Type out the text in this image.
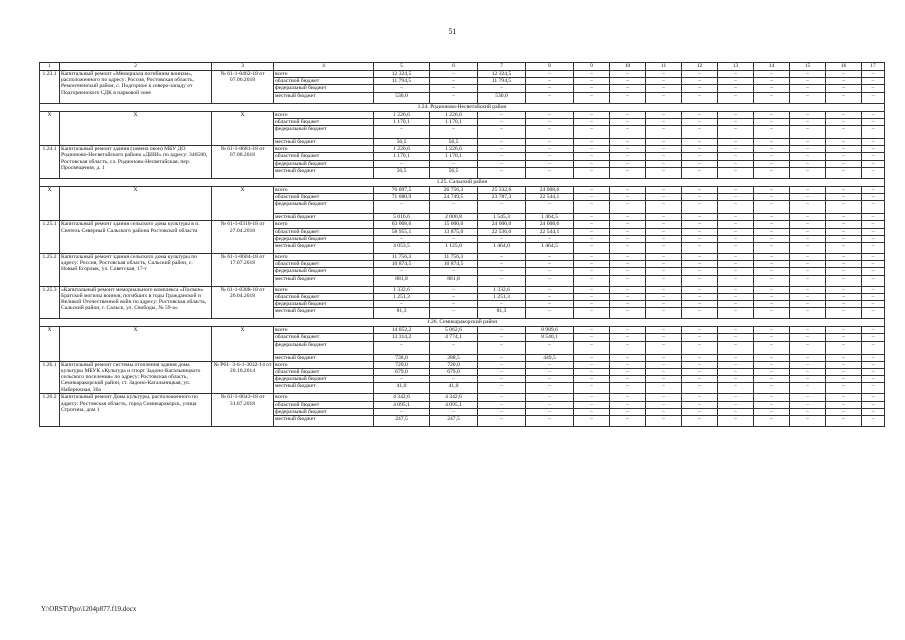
51
1	2	3	4	5	6	7	8	9	10	11	12	13	14	15	16	17
1.23.1	Капитальный ремонт «Мемориала погибшим воинам», расположенного по адресу: Россия, Ростовская область, Ремонтненский район, с. Подгорное к северо-западу от Подгорненского СДК в парковой зоне	№ 61-1-0462-18 от 07.06.2018	всего	12 324,5	–	12 324,5	–	–	–	–	–	–	–	–	–	–
			областной бюджет	11 794,5	–	11 794,5	–	–	–	–	–	–	–	–	–	–
			федеральный бюджет	–	–	–	–	–	–	–	–	–	–	–	–	–
			местный бюджет	530,0	–	530,0	–	–	–	–	–	–	–	–	–	–
1.24. Родионово-Несветайский район																
X	X	X	всего	1 226,6	1 226,6	–	–	–	–	–	–	–	–	–	–	–
			областной бюджет	1 170,1	1 170,1	–	–	–	–	–	–	–	–	–	–	–
			федеральный бюджет	–	–	–	–	–	–	–	–	–	–	–	–	–
			местный бюджет	56,5	56,5	–	–	–	–	–	–	–	–	–	–	–
1.24.1	Капитальный ремонт здания (замена окон) МБУ ДО Родионово-Несветайского района «ДШИ» по адресу: 346580, Ростовская область, сл. Родионово-Несветайская, пер. Просвещения, д. 1	№ 61-1-0681-18 от 07.08.2018	всего	1 226,6	1 226,6	–	–	–	–	–	–	–	–	–	–	–
			областной бюджет	1 170,1	1 170,1	–	–	–	–	–	–	–	–	–	–	–
			федеральный бюджет	–	–	–	–	–	–	–	–	–	–	–	–	–
			местный бюджет	56,5	56,5	–	–	–	–	–	–	–	–	–	–	–
1.25. Сальский район																
X	X	X	всего	76 097,5	26 756,3	25 332,6	24 008,6	–	–	–	–	–	–	–	–	–
			областной бюджет	71 080,9	24 749,5	23 787,3	22 544,1	–	–	–	–	–	–	–	–	–
			федеральный бюджет	–	–	–	–	–	–	–	–	–	–	–	–	–
			местный бюджет	5 016,6	2 006,8	1 545,3	1 464,5	–	–	–	–	–	–	–	–	–
1.25.1	Капитальный ремонт здания сельского дома культуры в п. Сеятель Северный Сальского района Ростовской области	№ 61-1-0310-18 от 27.04.2018	всего	63 008,6	15 000,0	24 000,0	24 008,6	–	–	–	–	–	–	–	–	–
			областной бюджет	58 955,1	13 875,0	22 536,0	22 544,1	–	–	–	–	–	–	–	–	–
			федеральный бюджет	–	–	–	–	–	–	–	–	–	–	–	–	–
			местный бюджет	4 053,5	1 125,0	1 464,0	1 464,5	–	–	–	–	–	–	–	–	–
1.25.2	Капитальный ремонт здания сельского дома культуры по адресу: Россия, Ростовская область, Сальский район, с. Новый Егорлык, ул. Советская, 17-г	№ 61-1-0604-18 от 17.07.2018	всего	11 756,3	11 756,3	–	–	–	–	–	–	–	–	–	–	–
			областной бюджет	10 874,5	10 874,5	–	–	–	–	–	–	–	–	–	–	–
			федеральный бюджет	–	–	–	–	–	–	–	–	–	–	–	–	–
			местный бюджет	881,8	881,8	–	–	–	–	–	–	–	–	–	–	–
1.25.3	«Капитальный ремонт мемориального комплекса «Посвон» Братской могилы воинов, погибших в годы Гражданской и Великой Отечественной войн по адресу: Ростовская область, Сальский район, г. Сальск, ул. Свободы, № 59-а»	№ 61-1-0308-18 от 26.04.2018	всего	1 332,6	–	1 332,6	–	–	–	–	–	–	–	–	–	–
			областной бюджет	1 251,3	–	1 251,3	–	–	–	–	–	–	–	–	–	–
			федеральный бюджет	–	–	–	–	–	–	–	–	–	–	–	–	–
			местный бюджет	81,3	–	81,3	–	–	–	–	–	–	–	–	–	–
1.26. Семикаракорский район																
X	X	X	всего	14 052,2	5 062,6	–	8 989,6	–	–	–	–	–	–	–	–	–
			областной бюджет	13 314,2	4 774,1	–	8 540,1	–	–	–	–	–	–	–	–	–
			федеральный бюджет	–	–	–	–	–	–	–	–	–	–	–	–	–
			местный бюджет	738,0	288,5	–	449,5	–	–	–	–	–	–	–	–	–
1.26.1	Капитальный ремонт системы отопления здания дома культуры МБУК «Культура и спорт Задоно-Кагальницкого сельского поселения» по адресу: Ростовская область, Семикаракорский район, ст. Задоно-Кагальницкая, ул. Набережная, 36а	№ Р61- 3-6-1-3032-14 от 20.10.2014	всего	720,0	720,0	–	–	–	–	–	–	–	–	–	–	–
			областной бюджет	679,0	679,0	–	–	–	–	–	–	–	–	–	–	–
			федеральный бюджет	–	–	–	–	–	–	–	–	–	–	–	–	–
			местный бюджет	41,0	41,0	–	–	–	–	–	–	–	–	–	–	–
1.26.2	Капитальный ремонт Дома культуры, расположенного по адресу: Ростовская область, город Семикаракорск, улица Строгина, дом 1	№ 61-1-0643-18 от 31.07.2018	всего	4 342,6	4 342,6	–	–	–	–	–	–	–	–	–	–	–
			областной бюджет	4 095,1	4 095,1	–	–	–	–	–	–	–	–	–	–	–
			федеральный бюджет	–	–	–	–	–	–	–	–	–	–	–	–	–
			местный бюджет	247,5	247,5	–	–	–	–	–	–	–	–	–	–	–
Y:\ORST\Ppo\1204p877.f19.docx
